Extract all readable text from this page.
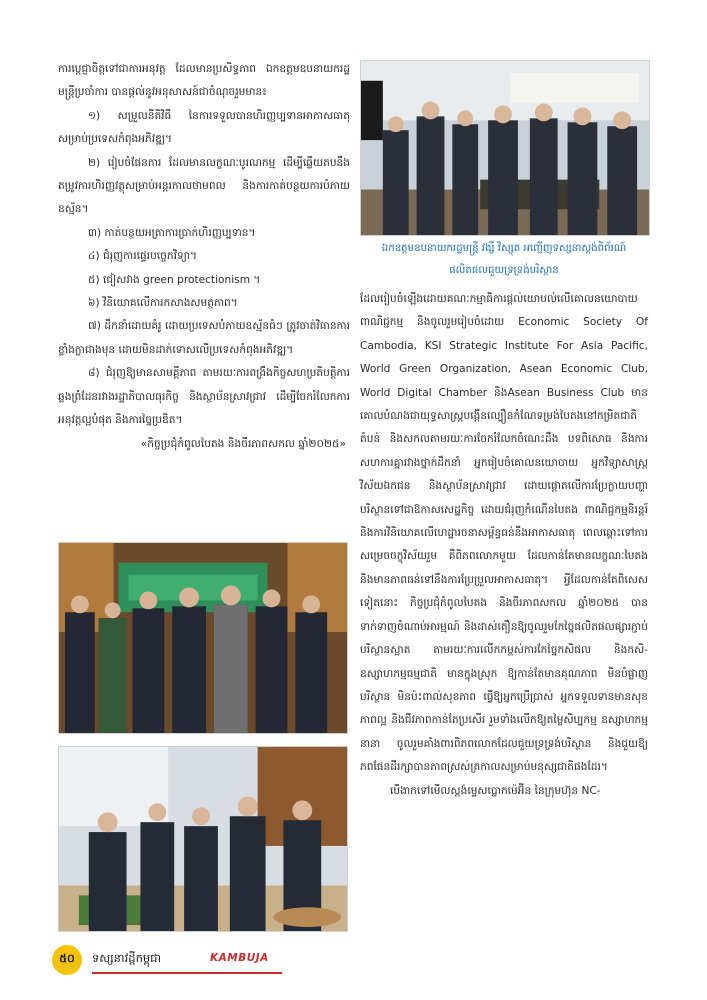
ការប្ដេជ្ញាចិត្តទៅជាការអនុវត្ត ដែលមានប្រសិទ្ធភាព ឯកឧត្តមឧបនាយករដ្ឋមន្ត្រីប្រចាំការ បានផ្ដល់នូវអនុសាសន៍ជាចំណុចរួមមាន៖

១) សម្រួលនីតិវិធី នៃការទទួលបានហិរញ្ញប្បទានអាកាសធាតុសម្រាប់ប្រទេសកំពុងអភិវឌ្ឍ។

២) រៀបចំផែនការ ដែលមានលក្ខណៈបូរណកម្ម ដើម្បីឆ្លើយតបនឹងតម្រូវការហិរញ្ញវត្ថុសម្រាប់អន្តរកាលថាមពល និងការកាត់បន្ថយការបំភាយឧស្ម័ន។

៣) កាត់បន្ថយអត្រាការប្រាក់ហិរញ្ញប្បទាន។

៤) ជំរុញការផ្ទេរបច្ចេកវិទ្យា។

៥) ជៀសវាង green protectionism ។

៦) វិនិយោគលើការកសាងសមត្ថភាព។

៧) ដឹកនាំដោយគំរូ ដោយប្រទេសបំភាយឧស្ម័នធំៗ ត្រូវចាត់វិធានការខ្លាំងក្លាជាងមុន ដោយមិនដាក់ទោសលើប្រទេសកំពុងអភិវឌ្ឍ។

៨) ជំរុញឱ្យមានសាមគ្គីភាព តាមរយៈការពង្រឹងកិច្ចសហប្រតិបត្តិការឆ្លងព្រំដែនរវាងរដ្ឋាភិបាលធុរកិច្ច និងស្ថាប័នស្រាវជ្រាវ ដើម្បីចែករំលែកការអនុវត្តល្អបំផុត និងការច្នៃប្រឌិត។

«កិច្ចប្រជុំកំពូលបៃតង និងចីរភាពសកល ឆ្នាំ២០២៥»

ឯកឧត្តមឧបនាយករដ្ឋមន្ត្រី វង្សី វិស្សុត អញ្ជើញទស្សនាស្តង់ពិព័រណ៍ផលិតផលជួយទ្រទ្រង់បរិស្ថាន

ដែលរៀបចំឡើងដោយគណៈកម្មាធិការផ្តល់យោបល់លើគោលនយោបាយពាណិជ្ជកម្ម និងចូលរួមរៀបចំដោយ Economic Society Of Cambodia, KSI Strategic Institute For Asia Pacific, World Green Organization, Asean Economic Club, World Digital Chamber និងAsean Business Club មានគោលបំណងជាយុទ្ធសាស្ត្របង្កើនល្បឿនកំណែទម្រង់បៃតងនៅកម្រិតជាតិ តំបន់ និងសកលតាមរយៈការចែករំលែកចំណេះដឹង បទពិសោធ និងការសហការគ្នារវាងថ្នាក់ដឹកនាំ អ្នករៀបចំគោលនយោបាយ អ្នកវិទ្យាសាស្ត្រ វិស័យឯកជន និងស្ថាប័នស្រាវជ្រាវ ដោយផ្តោតលើការប្រែក្លាយបញ្ហាបរិស្ថានទៅជាឱកាសសេដ្ឋកិច្ច ដោយជំរុញកំណើនបៃតង ពាណិជ្ជកម្មនិរន្តរ៍ និងការវិនិយោគលើហេដ្ឋារចនាសម្ព័ន្ធធន់នឹងអាកាសធាតុ ពេលឆ្ពោះទៅការសម្រេចចក្ខុវិស័យរួម គឺពិភពលោកមួយ ដែលកាន់តែមានលក្ខណៈបៃតង និងមានភាពធន់ទៅនឹងការប្រែប្រួលអាកាសធាតុ។ អ្វីដែលកាន់តែពិសេសទៀតនោះ កិច្ចប្រជុំកំពូលបៃតង និងចីរភាពសកល ឆ្នាំ២០២៥ បានទាក់ទាញចំណាប់អារម្មណ៍ និងដាស់តឿនឱ្យចូលរួមកែច្នៃផលិតផលផ្សារភ្ជាប់បរិស្ថានស្អាត តាមរយៈការលើកកម្ពស់ការកែច្នៃកសិផល និងកសិ-ឧស្សាហកម្មធម្មជាតិ មានក្នុងស្រុក ឱ្យកាន់តែមានគុណភាព មិនបំផ្លាញបរិស្ថាន មិនប៉ះពាល់សុខភាព ធ្វើឱ្យអ្នកប្រើប្រាស់ អ្នកទទួលទានមានសុខភាពល្អ និងជីវភាពកាន់តែប្រសើរ រួមទាំងលើកឱ្យតម្លៃសិប្បកម្ម ឧស្សាហកម្មនានា ចូលរួមគាំងពារពិភពលោកដែលជួយទ្រទ្រង់បរិស្ថាន និងជួយឱ្យភពផែនដីរក្សាបានភាពស្រស់ត្រកាលសម្រាប់មនុស្សជាតិផងដែរ។

បើងាកទៅមើលស្តង់ម្ទេសប្លោកម៉េអ៊ីន នៃក្រុមហ៊ុន NC-

៥០	ទស្សនាវដ្ដីកម្ពុជា	KAMBUJA
